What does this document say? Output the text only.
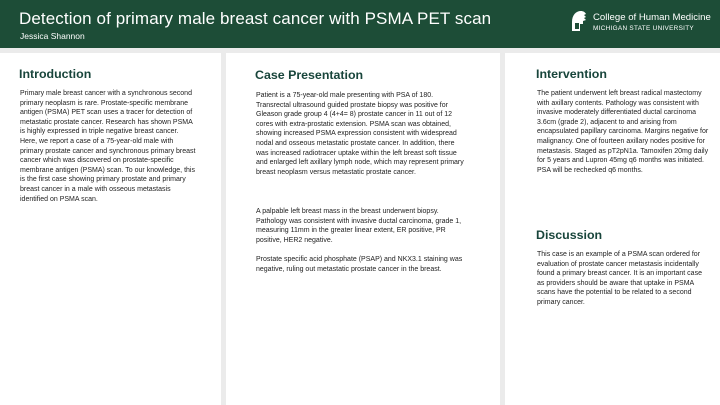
Detection of primary male breast cancer with PSMA PET scan
Jessica Shannon
College of Human Medicine
MICHIGAN STATE UNIVERSITY
Introduction

Primary male breast cancer with a synchronous second primary neoplasm is rare. Prostate-specific membrane antigen (PSMA) PET scan uses a tracer for detection of metastatic prostate cancer. Research has shown PSMA is highly expressed in triple negative breast cancer. Here, we report a case of a 75-year-old male with primary prostate cancer and synchronous primary breast cancer which was discovered on prostate-specific membrane antigen (PSMA) scan. To our knowledge, this is the first case showing primary prostate and primary breast cancer in a male with osseous metastasis identified on PSMA scan.

Case Presentation

Patient is a 75-year-old male presenting with PSA of 180. Transrectal ultrasound guided prostate biopsy was positive for Gleason grade group 4 (4+4= 8) prostate cancer in 11 out of 12 cores with extra-prostatic extension. PSMA scan was obtained, showing increased PSMA expression consistent with widespread nodal and osseous metastatic prostate cancer. In addition, there was increased radiotracer uptake within the left breast soft tissue and enlarged left axillary lymph node, which may represent primary breast neoplasm versus metastatic prostate cancer.

A palpable left breast mass in the breast underwent biopsy. Pathology was consistent with invasive ductal carcinoma, grade 1, measuring 11mm in the greater linear extent, ER positive, PR positive, HER2 negative.

Prostate specific acid phosphate (PSAP) and NKX3.1 staining was negative, ruling out metastatic prostate cancer in the breast.

Intervention

The patient underwent left breast radical mastectomy with axillary contents. Pathology was consistent with invasive moderately differentiated ductal carcinoma 3.6cm (grade 2), adjacent to and arising from encapsulated papillary carcinoma. Margins negative for malignancy. One of fourteen axillary nodes positive for metastasis. Staged as pT2pN1a. Tamoxifen 20mg daily for 5 years and Lupron 45mg q6 months was initiated. PSA will be rechecked q6 months.

Discussion

This case is an example of a PSMA scan ordered for evaluation of prostate cancer metastasis incidentally found a primary breast cancer. It is an important case as providers should be aware that uptake in PSMA scans have the potential to be related to a second primary cancer.
